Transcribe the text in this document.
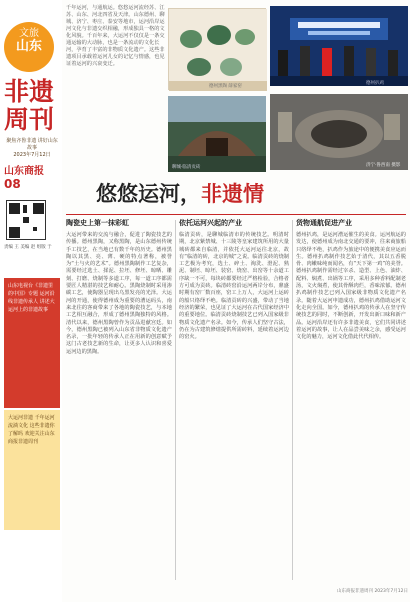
文旅
山东
非遗
周刊
聚焦齐鲁非遗 讲好山东故事
2023年7月12日
山东商报
08
责编 王 美编 赵 组版 于
山东电视台《非遗里的中国》专题 运河沿线非遗传承人 讲述大运河上的非遗故事
大运河非遗 千年运河 流淌文化 这些非遗你了解吗 欢迎关注山东商报非遗周刊
千年运河，与通航运。悠悠运河流经苏、江苏、山东、河北四省及天津。山东德州、聊城、济宁、枣庄、泰安等地市，运河沿岸运河文化与非遗交织相融，形成独具一格的文化风貌。千百年来，大运河不仅仅是一条交通运输的大动脉，也是一条流动的文化长河，孕育了丰富的非物质文化遗产。这些非遗项目承载着运河儿女的记忆与情感，也见证着运河的兴衰变迁。
德州黑陶 薛家窑
德州扒鸡
聊城·临清贡砖	济宁·鲁西南 摄影
悠悠运河，非遗情
陶瓷史上第一抹彩虹
大运河带来的交流与融合，促进了陶瓷技艺的传播。德州黑陶，又称黑陶，是山东德州传统手工技艺，在当地已有数千年的历史。德州黑陶以其黑、亮、薄、硬的特点著称，被誉为“土与火的艺术”。德州黑陶制作工艺复杂，需要经过选土、揉泥、拉坯、修坯、晾晒、雕刻、打磨、烧制等多道工序，每一道工序都需要匠人精湛的技艺和耐心。黑陶烧制时采用渗碳工艺，使陶器呈现出乌黑发亮的光泽。大运河的开通，使得德州成为重要的漕运码头，南来北往的客商带来了各地的陶瓷技艺，与本地工艺相互融合，形成了德州黑陶独特的风格。清代以来，德州黑陶曾作为贡品进献宫廷。如今，德州黑陶已被列入山东省非物质文化遗产名录，一批年轻的传承人正在用新的创意赋予这门古老技艺新的生命，让更多人认识和喜爱运河边的黑陶。
依托运河兴起的产业
临清贡砖，是聊城临清市的传统技艺。明清时期，北京紫禁城、十三陵等皇家建筑所用的大量城砖都来自临清，并依托大运河运往北京，故有“临清的砖，北京的城”之说。临清贡砖的烧制工艺极为考究，选土、碎土、淘洗、澄泥、熟泥、制坯、晾坯、装窑、烧窑、出窑等十余道工序缺一不可，每块砖都要经过严格检验，合格者方可成为贡砖。临清砖窑沿运河两岸分布，鼎盛时期有窑厂数百座，窑工上万人，大运河上运砖的船只络绎不绝。临清贡砖的兴盛，带动了当地经济的繁荣，也见证了大运河在古代国家经济中的重要地位。临清贡砖烧制技艺已列入国家级非物质文化遗产名录。如今，传承人们坚守古法，仍在为古建筑修缮提供所需砖料，延续着运河边的窑火。
货物通航促进产业
德州扒鸡，是运河漕运催生的美食。运河航运的发达，使德州成为南北交通的要冲，往来商旅船只络绎不绝，扒鸡作为旅途中的便携美食应运而生。德州扒鸡制作技艺始于清代，其以五香脱骨、肉嫩味纯而闻名，有“天下第一鸡”的美誉。德州扒鸡制作需经过宰杀、造型、上色、油炸、配料、焖煮、出锅等工序，采用多种香料配制老汤，文火焖煮，使其骨酥肉烂，香味浓郁。德州扒鸡制作技艺已列入国家级非物质文化遗产名录。随着大运河申遗成功，德州扒鸡借助运河文化走向全国。如今，德州扒鸡的传承人在坚守传统技艺的同时，不断创新，开发出新口味和新产品。运河沿岸还有许多非遗美食，它们共同讲述着运河的故事，让人在品尝美味之余，感受运河文化的魅力，运河文化借此代代相传。
山东商报非遗周刊 2023年7月12日
